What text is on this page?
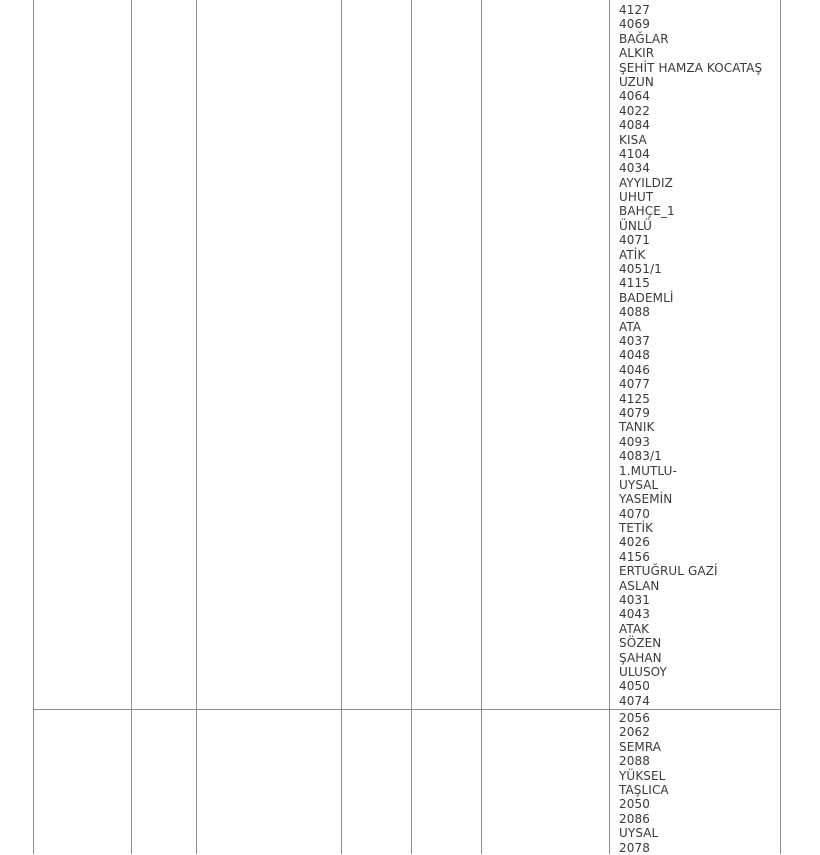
4127
4069
BAĞLAR
ALKIR
ŞEHİT HAMZA KOCATAŞ
UZUN
4064
4022
4084
KISA
4104
4034
AYYILDIZ
UHUT
BAHÇE_1
ÜNLÜ
4071
ATİK
4051/1
4115
BADEMLİ
4088
ATA
4037
4048
4046
4077
4125
4079
TANIK
4093
4083/1
1.MUTLU-
UYSAL
YASEMİN
4070
TETİK
4026
4156
ERTUĞRUL GAZİ
ASLAN
4031
4043
ATAK
SÖZEN
ŞAHAN
ULUSOY
4050
4074
2056
2062
SEMRA
2088
YÜKSEL
TAŞLICA
2050
2086
UYSAL
2078
